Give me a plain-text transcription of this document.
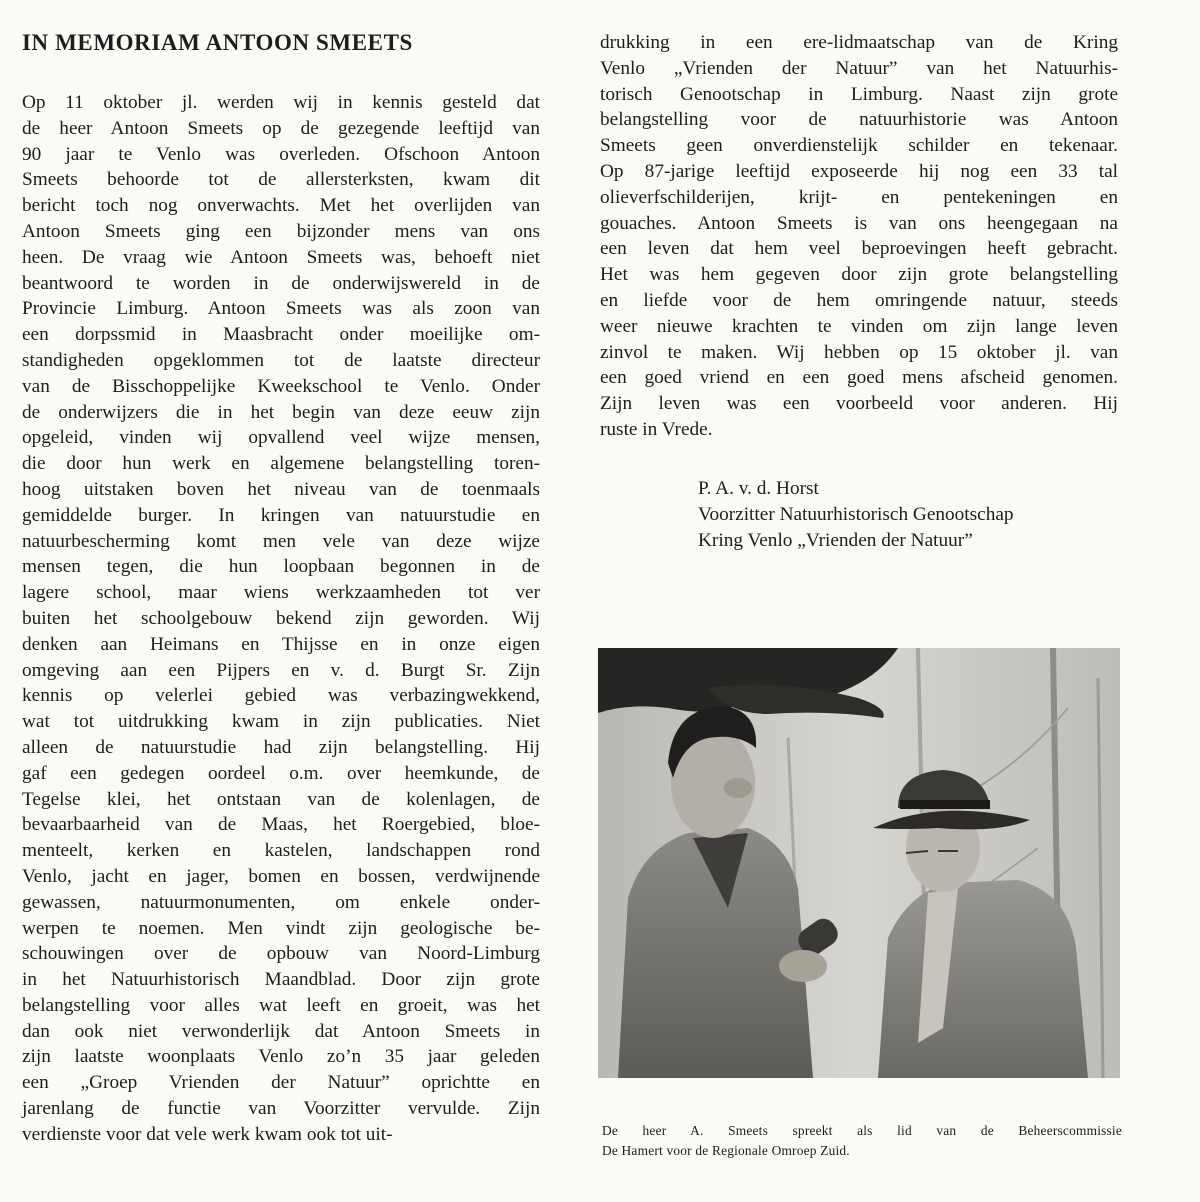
IN MEMORIAM ANTOON SMEETS
Op 11 oktober jl. werden wij in kennis gesteld dat
de heer Antoon Smeets op de gezegende leeftijd van
90 jaar te Venlo was overleden. Ofschoon Antoon
Smeets behoorde tot de allersterksten, kwam dit
bericht toch nog onverwachts. Met het overlijden van
Antoon Smeets ging een bijzonder mens van ons
heen. De vraag wie Antoon Smeets was, behoeft niet
beantwoord te worden in de onderwijswereld in de
Provincie Limburg. Antoon Smeets was als zoon van
een dorpssmid in Maasbracht onder moeilijke om-
standigheden opgeklommen tot de laatste directeur
van de Bisschoppelijke Kweekschool te Venlo. Onder
de onderwijzers die in het begin van deze eeuw zijn
opgeleid, vinden wij opvallend veel wijze mensen,
die door hun werk en algemene belangstelling toren-
hoog uitstaken boven het niveau van de toenmaals
gemiddelde burger. In kringen van natuurstudie en
natuurbescherming komt men vele van deze wijze
mensen tegen, die hun loopbaan begonnen in de
lagere school, maar wiens werkzaamheden tot ver
buiten het schoolgebouw bekend zijn geworden. Wij
denken aan Heimans en Thijsse en in onze eigen
omgeving aan een Pijpers en v. d. Burgt Sr. Zijn
kennis op velerlei gebied was verbazingwekkend,
wat tot uitdrukking kwam in zijn publicaties. Niet
alleen de natuurstudie had zijn belangstelling. Hij
gaf een gedegen oordeel o.m. over heemkunde, de
Tegelse klei, het ontstaan van de kolenlagen, de
bevaarbaarheid van de Maas, het Roergebied, bloe-
menteelt, kerken en kastelen, landschappen rond
Venlo, jacht en jager, bomen en bossen, verdwijnende
gewassen, natuurmonumenten, om enkele onder-
werpen te noemen. Men vindt zijn geologische be-
schouwingen over de opbouw van Noord-Limburg
in het Natuurhistorisch Maandblad. Door zijn grote
belangstelling voor alles wat leeft en groeit, was het
dan ook niet verwonderlijk dat Antoon Smeets in
zijn laatste woonplaats Venlo zo’n 35 jaar geleden
een „Groep Vrienden der Natuur” oprichtte en
jarenlang de functie van Voorzitter vervulde. Zijn
verdienste voor dat vele werk kwam ook tot uit-
drukking in een ere-lidmaatschap van de Kring
Venlo „Vrienden der Natuur” van het Natuurhis-
torisch Genootschap in Limburg. Naast zijn grote
belangstelling voor de natuurhistorie was Antoon
Smeets geen onverdienstelijk schilder en tekenaar.
Op 87-jarige leeftijd exposeerde hij nog een 33 tal
olieverfschilderijen, krijt- en pentekeningen en
gouaches. Antoon Smeets is van ons heengegaan na
een leven dat hem veel beproevingen heeft gebracht.
Het was hem gegeven door zijn grote belangstelling
en liefde voor de hem omringende natuur, steeds
weer nieuwe krachten te vinden om zijn lange leven
zinvol te maken. Wij hebben op 15 oktober jl. van
een goed vriend en een goed mens afscheid genomen.
Zijn leven was een voorbeeld voor anderen. Hij
ruste in Vrede.
P. A. v. d. Horst
Voorzitter Natuurhistorisch Genootschap
Kring Venlo „Vrienden der Natuur”
De heer A. Smeets spreekt als lid van de Beheerscommissie
De Hamert voor de Regionale Omroep Zuid.
